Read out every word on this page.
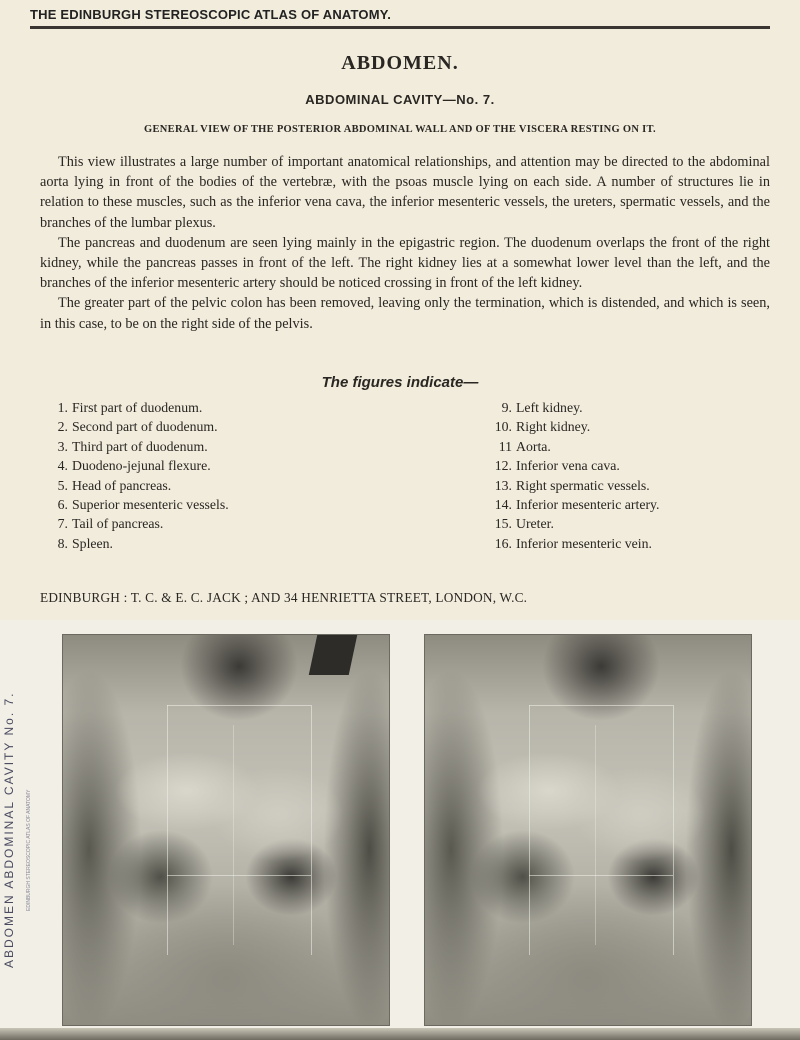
THE EDINBURGH STEREOSCOPIC ATLAS OF ANATOMY.
ABDOMEN.
ABDOMINAL CAVITY—No. 7.
GENERAL VIEW OF THE POSTERIOR ABDOMINAL WALL AND OF THE VISCERA RESTING ON IT.

This view illustrates a large number of important anatomical relationships, and attention may be directed to the abdominal aorta lying in front of the bodies of the vertebræ, with the psoas muscle lying on each side. A number of structures lie in relation to these muscles, such as the inferior vena cava, the inferior mesenteric vessels, the ureters, spermatic vessels, and the branches of the lumbar plexus.

The pancreas and duodenum are seen lying mainly in the epigastric region. The duodenum overlaps the front of the right kidney, while the pancreas passes in front of the left. The right kidney lies at a somewhat lower level than the left, and the branches of the inferior mesenteric artery should be noticed crossing in front of the left kidney.

The greater part of the pelvic colon has been removed, leaving only the termination, which is distended, and which is seen, in this case, to be on the right side of the pelvis.

The figures indicate—
1. First part of duodenum.
2. Second part of duodenum.
3. Third part of duodenum.
4. Duodeno-jejunal flexure.
5. Head of pancreas.
6. Superior mesenteric vessels.
7. Tail of pancreas.
8. Spleen.
9. Left kidney.
10. Right kidney.
11 Aorta.
12. Inferior vena cava.
13. Right spermatic vessels.
14. Inferior mesenteric artery.
15. Ureter.
16. Inferior mesenteric vein.
EDINBURGH : T. C. & E. C. JACK ; AND 34 HENRIETTA STREET, LONDON, W.C.
ABDOMEN ABDOMINAL CAVITY No. 7.	EDINBURGH STEREOSCOPIC ATLAS OF ANATOMY
